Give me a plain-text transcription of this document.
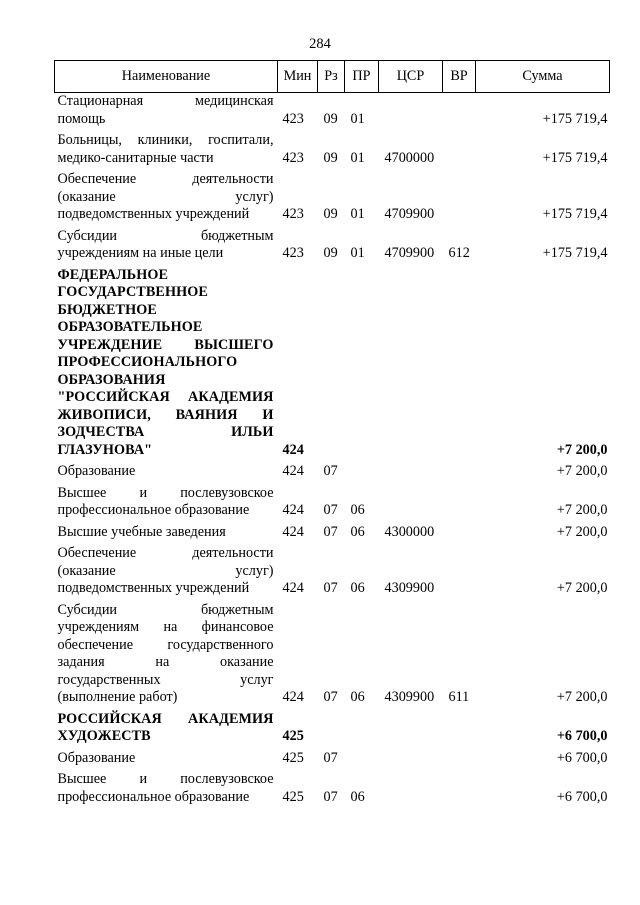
284
Наименование	Мин	Рз	ПР	ЦСР	ВР	Сумма
Стационарная медицинская помощь	423	09	01			+175 719,4
Больницы, клиники, госпитали, медико-санитарные части	423	09	01	4700000		+175 719,4
Обеспечение деятельности (оказание услуг) подведомственных учреждений	423	09	01	4709900		+175 719,4
Субсидии бюджетным учреждениям на иные цели	423	09	01	4709900	612	+175 719,4
ФЕДЕРАЛЬНОЕ ГОСУДАРСТВЕННОЕ БЮДЖЕТНОЕ ОБРАЗОВАТЕЛЬНОЕ УЧРЕЖДЕНИЕ ВЫСШЕГО ПРОФЕССИОНАЛЬНОГО ОБРАЗОВАНИЯ "РОССИЙСКАЯ АКАДЕМИЯ ЖИВОПИСИ, ВАЯНИЯ И ЗОДЧЕСТВА ИЛЬИ ГЛАЗУНОВА"	424					+7 200,0
Образование	424	07				+7 200,0
Высшее и послевузовское профессиональное образование	424	07	06			+7 200,0
Высшие учебные заведения	424	07	06	4300000		+7 200,0
Обеспечение деятельности (оказание услуг) подведомственных учреждений	424	07	06	4309900		+7 200,0
Субсидии бюджетным учреждениям на финансовое обеспечение государственного задания на оказание государственных услуг (выполнение работ)	424	07	06	4309900	611	+7 200,0
РОССИЙСКАЯ АКАДЕМИЯ ХУДОЖЕСТВ	425					+6 700,0
Образование	425	07				+6 700,0
Высшее и послевузовское профессиональное образование	425	07	06			+6 700,0
